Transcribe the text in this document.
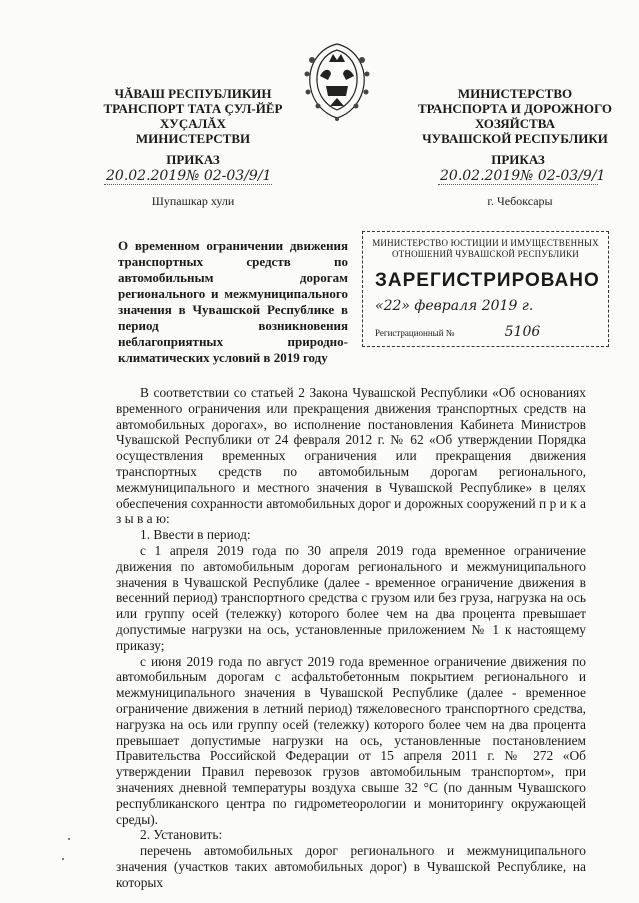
ЧĂВАШ РЕСПУБЛИКИН
ТРАНСПОРТ ТАТА ÇУЛ-ЙĔР
ХУÇАЛĂХ
МИНИСТЕРСТВИ
МИНИСТЕРСТВО
ТРАНСПОРТА И ДОРОЖНОГО
ХОЗЯЙСТВА
ЧУВАШСКОЙ РЕСПУБЛИКИ
ПРИКАЗ
20.02.2019№ 02-03/9/1
Шупашкар хули
ПРИКАЗ
20.02.2019№ 02-03/9/1
г. Чебоксары
О временном ограничении движения транспортных средств по автомобильным дорогам регионального и межмуниципального значения в Чувашской Республике в период возникновения неблагоприятных природно-климатических условий в 2019 году
МИНИСТЕРСТВО ЮСТИЦИИ И ИМУЩЕСТВЕННЫХ ОТНОШЕНИЙ ЧУВАШСКОЙ РЕСПУБЛИКИ
ЗАРЕГИСТРИРОВАНО
«22» февраля 2019 г.
Регистрационный №	5106

В соответствии со статьей 2 Закона Чувашской Республики «Об основаниях временного ограничения или прекращения движения транспортных средств на автомобильных дорогах», во исполнение постановления Кабинета Министров Чувашской Республики от 24 февраля 2012 г. № 62 «Об утверждении Порядка осуществления временных ограничения или прекращения движения транспортных средств по автомобильным дорогам регионального, межмуниципального и местного значения в Чувашской Республике» в целях обеспечения сохранности автомобильных дорог и дорожных сооружений п р и к а з ы в а ю:

1. Ввести в период:

с 1 апреля 2019 года по 30 апреля 2019 года временное ограничение движения по автомобильным дорогам регионального и межмуниципального значения в Чувашской Республике (далее - временное ограничение движения в весенний период) транспортного средства с грузом или без груза, нагрузка на ось или группу осей (тележку) которого более чем на два процента превышает допустимые нагрузки на ось, установленные приложением № 1 к настоящему приказу;

с июня 2019 года по август 2019 года временное ограничение движения по автомобильным дорогам с асфальтобетонным покрытием регионального и межмуниципального значения в Чувашской Республике (далее - временное ограничение движения в летний период) тяжеловесного транспортного средства, нагрузка на ось или группу осей (тележку) которого более чем на два процента превышает допустимые нагрузки на ось, установленные постановлением Правительства Российской Федерации от 15 апреля 2011 г. № 272 «Об утверждении Правил перевозок грузов автомобильным транспортом», при значениях дневной температуры воздуха свыше 32 °С (по данным Чувашского республиканского центра по гидрометеорологии и мониторингу окружающей среды).

2. Установить:

перечень автомобильных дорог регионального и межмуниципального значения (участков таких автомобильных дорог) в Чувашской Республике, на которых
